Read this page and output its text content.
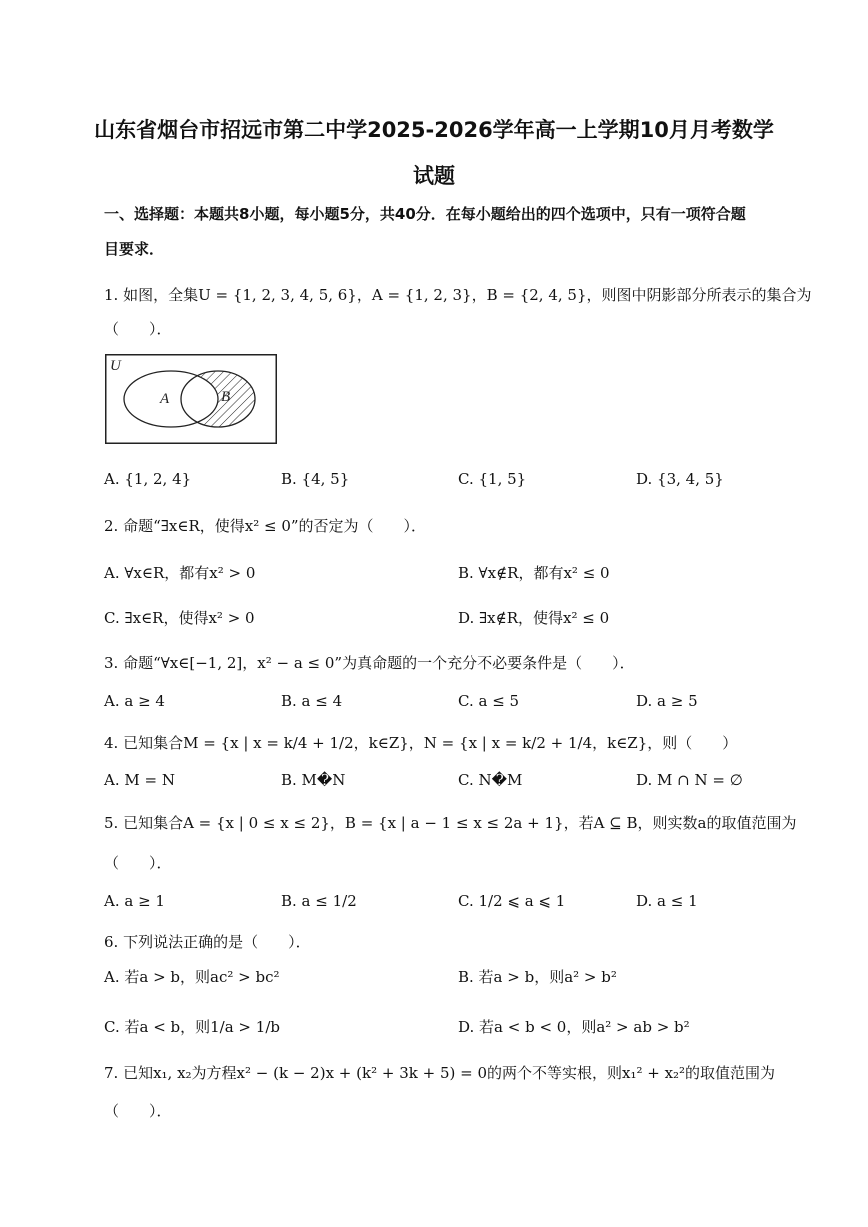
山东省烟台市招远市第二中学2025-2026学年高一上学期10月月考数学
试题
一、选择题：本题共8小题，每小题5分，共40分．在每小题给出的四个选项中，只有一项符合题
目要求．
1. 如图，全集U = {1, 2, 3, 4, 5, 6}，A = {1, 2, 3}，B = {2, 4, 5}，则图中阴影部分所表示的集合为
（　　）．
U
A	B
A. {1, 2, 4}	B. {4, 5}	C. {1, 5}	D. {3, 4, 5}
2. 命题“∃x∈R，使得x² ≤ 0”的否定为（　　）．
A. ∀x∈R，都有x² > 0	B. ∀x∉R，都有x² ≤ 0
C. ∃x∈R，使得x² > 0	D. ∃x∉R，使得x² ≤ 0
3. 命题“∀x∈[−1, 2]，x² − a ≤ 0”为真命题的一个充分不必要条件是（　　）．
A. a ≥ 4	B. a ≤ 4	C. a ≤ 5	D. a ≥ 5
4. 已知集合M = {x | x = k/4 + 1/2，k∈Z}，N = {x | x = k/2 + 1/4，k∈Z}，则（　　）
A. M = N	B. M�N	C. N�M	D. M ∩ N = ∅
5. 已知集合A = {x | 0 ≤ x ≤ 2}，B = {x | a − 1 ≤ x ≤ 2a + 1}，若A ⊆ B，则实数a的取值范围为
（　　）．
A. a ≥ 1	B. a ≤ 1/2	C. 1/2 ⩽ a ⩽ 1	D. a ≤ 1
6. 下列说法正确的是（　　）．
A. 若a > b，则ac² > bc²	B. 若a > b，则a² > b²
C. 若a < b，则1/a > 1/b	D. 若a < b < 0，则a² > ab > b²
7. 已知x₁, x₂为方程x² − (k − 2)x + (k² + 3k + 5) = 0的两个不等实根，则x₁² + x₂²的取值范围为
（　　）．
